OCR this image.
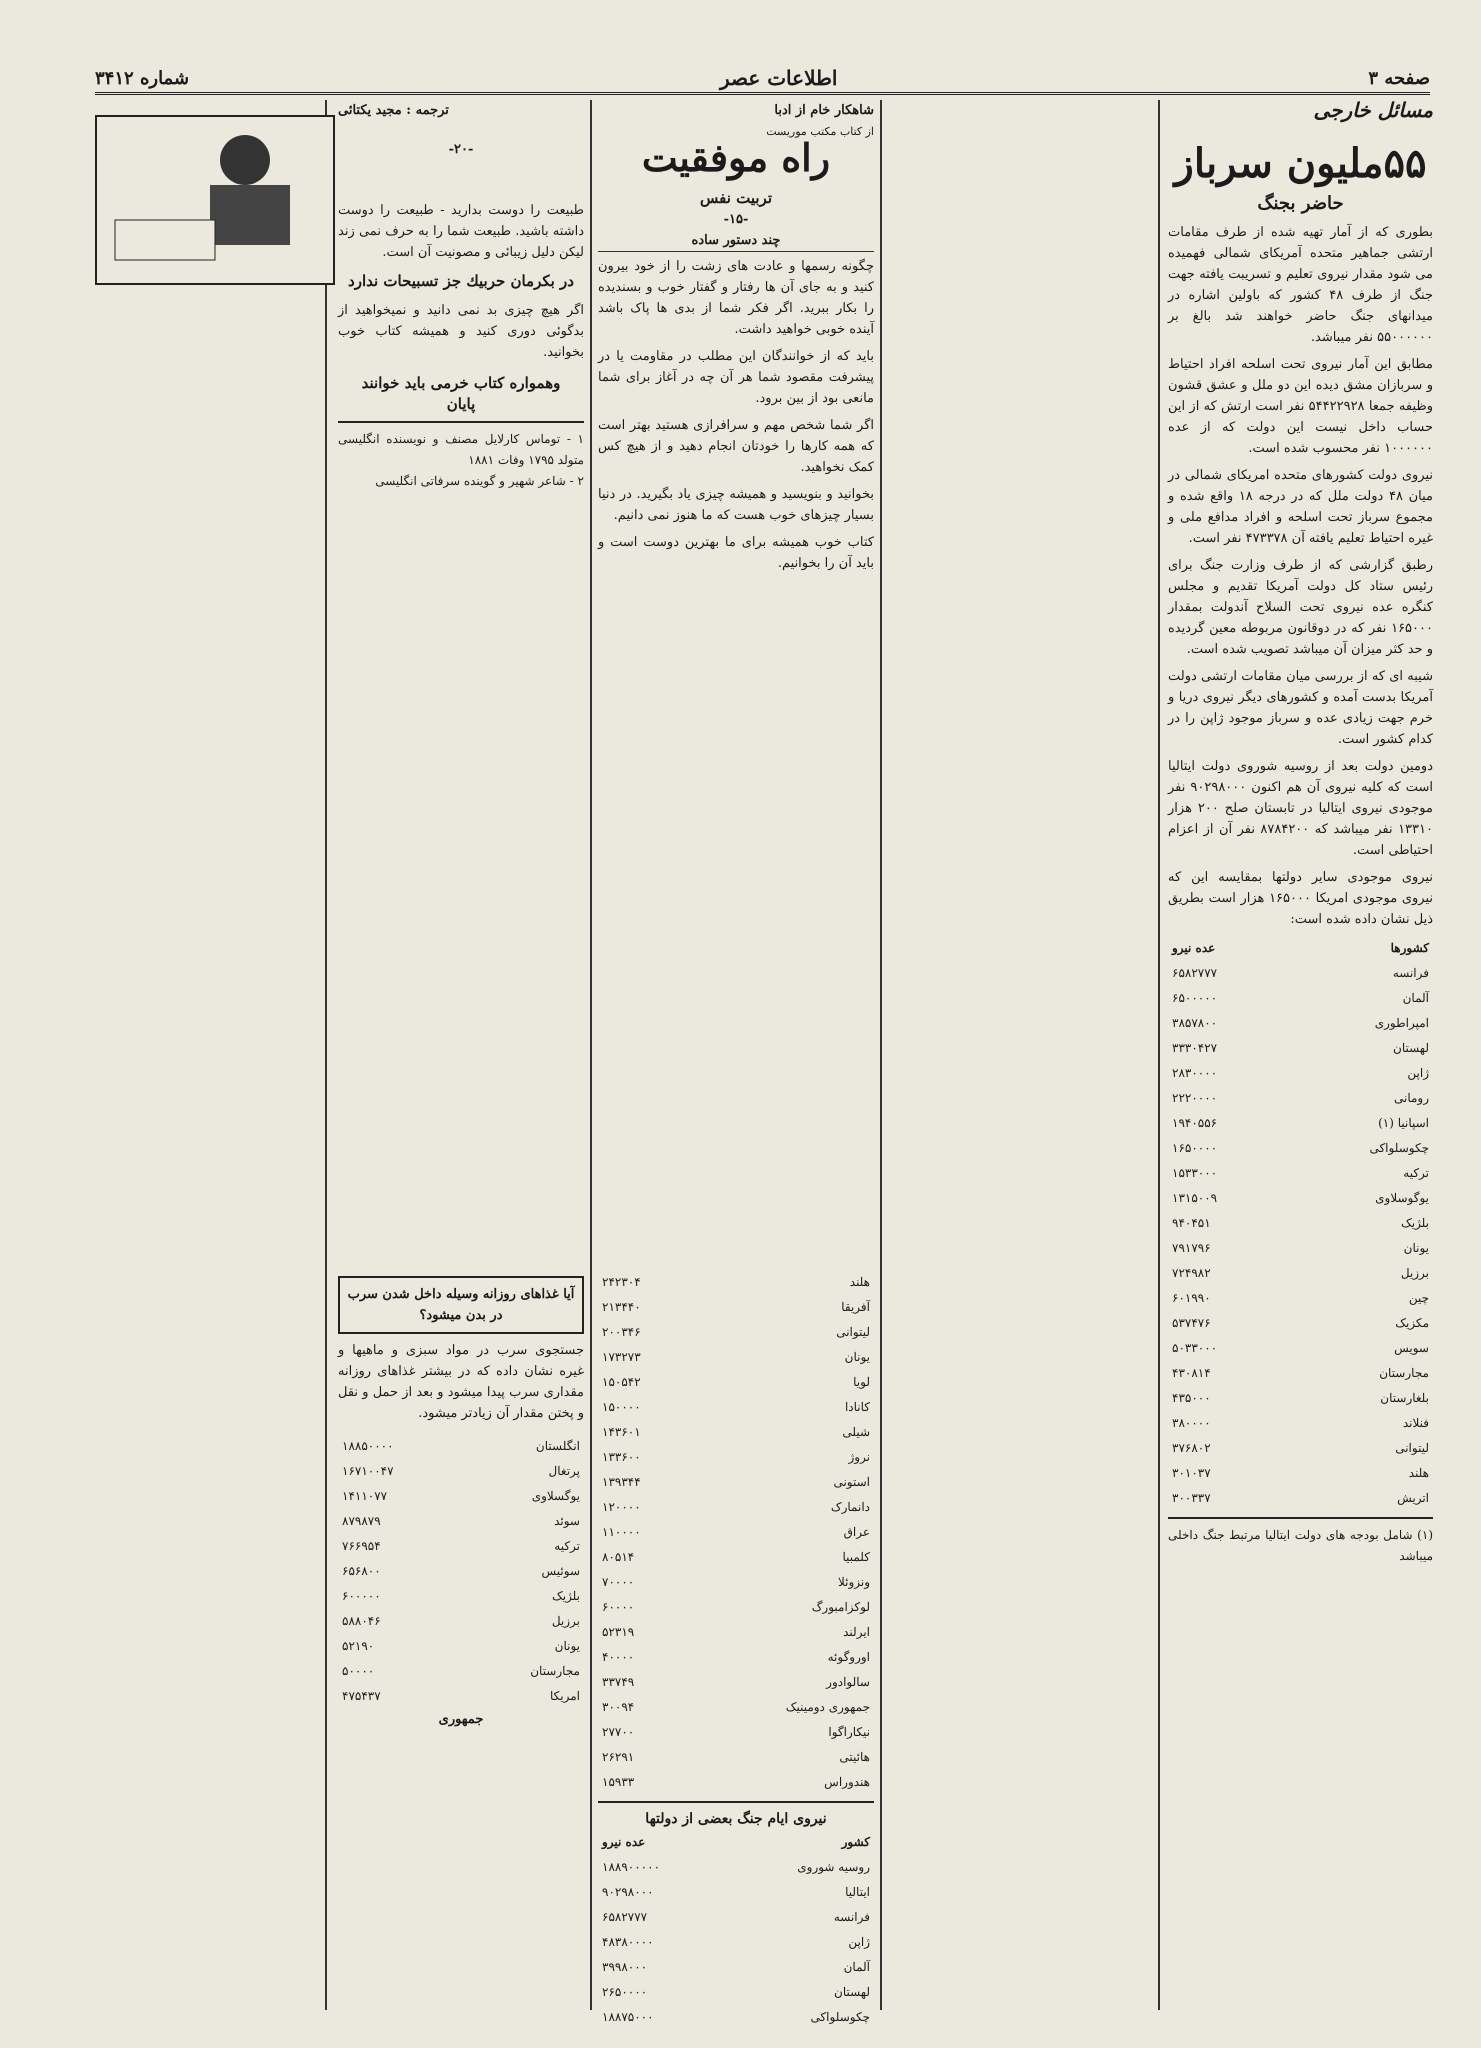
صفحه ۳
اطلاعات عصر
شماره ۳۴۱۲
مسائل خارجی
۵۵ملیون سرباز
حاضر بجنگ

بطوری که از آمار تهیه شده از طرف مقامات ارتشی جماهیر متحده آمریکای شمالی فهمیده می شود مقدار نیروی تعلیم و تسریبت یافته جهت جنگ از طرف ۴۸ کشور که باولین اشاره در میدانهای جنگ حاضر خواهند شد بالغ بر ۵۵۰۰۰۰۰۰ نفر میباشد.

مطابق این آمار نیروی تحت اسلحه افراد احتیاط و سربازان مشق دیده این دو ملل و عشق قشون وظیفه جمعا ۵۴۴۲۲۹۲۸ نفر است ارتش که از این حساب داخل نیست این دولت که از عده ۱۰۰۰۰۰۰ نفر محسوب شده است.

نیروی دولت کشورهای متحده امریکای شمالی در میان ۴۸ دولت ملل که در درجه ۱۸ واقع شده و مجموع سرباز تحت اسلحه و افراد مدافع ملی و غیره احتیاط تعلیم یافته آن ۴۷۳۳۷۸ نفر است.

رطبق گزارشی که از طرف وزارت جنگ برای رئیس ستاد کل دولت آمریکا تقدیم و مجلس کنگره عده نیروی تحت السلاح آندولت بمقدار ۱۶۵۰۰۰ نفر که در دوقانون مربوطه معین گردیده و حد کثر میزان آن میباشد تصویب شده است.

شیبه ای که از بررسی میان مقامات ارتشی دولت آمریکا بدست آمده و کشورهای دیگر نیروی دریا و خرم جهت زیادی عده و سرباز موجود ژاپن را در کدام کشور است.

دومین دولت بعد از روسیه شوروی دولت ایتالیا است که کلیه نیروی آن هم اکنون ۹۰۲۹۸۰۰۰ نفر موجودی نیروی ایتالیا در تابستان صلح ۲۰۰ هزار ۱۳۳۱۰ نفر میباشد که ۸۷۸۴۲۰۰ نفر آن از اعزام احتیاطی است.

نیروی موجودی سایر دولتها بمقایسه این که نیروی موجودی امریکا ۱۶۵۰۰۰ هزار است بطریق ذیل نشان داده شده است:

کشورها	عده نیرو
فرانسه	۶۵۸۲۷۷۷
آلمان	۶۵۰۰۰۰۰
امپراطوری	۳۸۵۷۸۰۰
لهستان	۳۳۳۰۴۲۷
ژاپن	۲۸۳۰۰۰۰
رومانی	۲۲۲۰۰۰۰
اسپانیا (۱)	۱۹۴۰۵۵۶
چکوسلواکی	۱۶۵۰۰۰۰
ترکیه	۱۵۳۳۰۰۰
یوگوسلاوی	۱۳۱۵۰۰۹
بلژیک	۹۴۰۴۵۱
یونان	۷۹۱۷۹۶
برزیل	۷۲۴۹۸۲
چین	۶۰۱۹۹۰
مکزیک	۵۳۷۴۷۶
سویس	۵۰۳۳۰۰۰
مجارستان	۴۳۰۸۱۴
بلغارستان	۴۳۵۰۰۰
فنلاند	۳۸۰۰۰۰
لیتوانی	۳۷۶۸۰۲
هلند	۳۰۱۰۳۷
اتریش	۳۰۰۳۳۷
(۱) شامل بودجه های دولت ایتالیا مرتبط جنگ داخلی میباشد
شاهکار خام از ادبا
از کتاب مکتب موریست
راه موفقیت
تربیت نفس
-۱۵-
چند دستور ساده

چگونه رسمها و عادت های زشت را از خود بیرون کنید و به جای آن ها رفتار و گفتار خوب و بسندیده را بکار ببرید. اگر فکر شما از بدی ها پاک باشد آینده خوبی خواهید داشت.

باید که از خوانندگان این مطلب در مقاومت یا در پیشرفت مقصود شما هر آن چه در آغاز برای شما مانعی بود از بین برود.

اگر شما شخص مهم و سرافرازی هستید بهتر است که همه کارها را خودتان انجام دهید و از هیچ کس کمک نخواهید.

بخوانید و بنویسید و همیشه چیزی یاد بگیرید. در دنیا بسیار چیزهای خوب هست که ما هنوز نمی دانیم.

کتاب خوب همیشه برای ما بهترین دوست است و باید آن را بخوانیم.

ترجمه : مجید یکتائی
-۲۰-

طبیعت را دوست بدارید - طبیعت را دوست داشته باشید. طبیعت شما را به حرف نمی زند لیکن دلیل زیبائی و مصونیت آن است.

در بکرمان حربیك جز تسبیحات ندارد

اگر هیچ چیزی بد نمی دانید و نمیخواهید از بدگوئی دوری کنید و همیشه کتاب خوب بخوانید.

وهمواره كتاب خرمی باید خوانند
پایان
۱ - توماس کارلایل مصنف و نویسنده انگلیسی متولد ۱۷۹۵ وفات ۱۸۸۱
۲ - شاعر شهیر و گوینده سرفاتی انگلیسی
هلند	۲۴۲۳۰۴
آفریقا	۲۱۳۴۴۰
لیتوانی	۲۰۰۳۴۶
یونان	۱۷۳۲۷۳
لویا	۱۵۰۵۴۲
کانادا	۱۵۰۰۰۰
شیلی	۱۴۳۶۰۱
نروژ	۱۳۳۶۰۰
استونی	۱۳۹۳۴۴
دانمارک	۱۲۰۰۰۰
عراق	۱۱۰۰۰۰
کلمبیا	۸۰۵۱۴
ونزوئلا	۷۰۰۰۰
لوکزامبورگ	۶۰۰۰۰
ایرلند	۵۲۳۱۹
اوروگوئه	۴۰۰۰۰
سالوادور	۳۳۷۴۹
جمهوری دومینیک	۳۰۰۹۴
نیکاراگوا	۲۷۷۰۰
هائیتی	۲۶۲۹۱
هندوراس	۱۵۹۳۳
نیروی ایام جنگ بعضی از دولتها
کشور	عده نیرو
روسیه شوروی	۱۸۸۹۰۰۰۰۰
ایتالیا	۹۰۲۹۸۰۰۰
فرانسه	۶۵۸۲۷۷۷
ژاپن	۴۸۳۸۰۰۰۰
آلمان	۳۹۹۸۰۰۰
لهستان	۲۶۵۰۰۰۰
چکوسلواکی	۱۸۸۷۵۰۰۰
آیا غذاهای روزانه وسیله داخل شدن سرب در بدن میشود؟

جستجوی سرب در مواد سبزی و ماهیها و غیره نشان داده که در بیشتر غذاهای روزانه مقداری سرب پیدا میشود و بعد از حمل و نقل و پختن مقدار آن زیادتر میشود.

انگلستان	۱۸۸۵۰۰۰۰
پرتغال	۱۶۷۱۰۰۴۷
یوگسلاوی	۱۴۱۱۰۷۷
سوئد	۸۷۹۸۷۹
ترکیه	۷۶۶۹۵۴
سوئیس	۶۵۶۸۰۰
بلژیک	۶۰۰۰۰۰
برزیل	۵۸۸۰۴۶
یونان	۵۲۱۹۰
مجارستان	۵۰۰۰۰
امریکا	۴۷۵۴۳۷
جمهوری
